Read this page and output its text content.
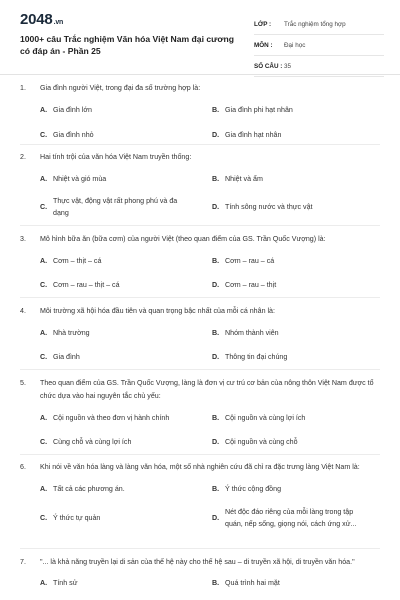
2048.vn
1000+ câu Trắc nghiệm Văn hóa Việt Nam đại cương có đáp án - Phần 25
LỚP :	Trắc nghiệm tổng hợp
MÔN :	Đại học
SỐ CÂU : 35
1. Gia đình người Việt, trong đại đa số trường hợp là:
A. Gia đình lớn	B. Gia đình phi hạt nhân
C. Gia đình nhỏ	D. Gia đình hạt nhân
2. Hai tính trội của văn hóa Việt Nam truyền thống:
A. Nhiệt và gió mùa	B. Nhiệt và ẩm
C.
Thực vật, động vật rất phong phú và đa dạng
D. Tính sông nước và thực vật
3. Mô hình bữa ăn (bữa cơm) của người Việt (theo quan điểm của GS. Trần Quốc Vượng) là:
A. Cơm – thịt – cá	B. Cơm – rau – cá
C. Cơm – rau – thịt – cá	D. Cơm – rau – thịt
4. Môi trường xã hội hóa đầu tiên và quan trọng bậc nhất của mỗi cá nhân là:
A. Nhà trường	B. Nhóm thành viên
C. Gia đình	D. Thông tin đại chúng
5. Theo quan điểm của GS. Trần Quốc Vượng, làng là đơn vị cư trú cơ bản của nông thôn Việt Nam được tổ chức dựa vào hai nguyên tắc chủ yếu:
A. Cội nguồn và theo đơn vị hành chính	B. Cội nguồn và cùng lợi ích
C. Cùng chỗ và cùng lợi ích	D. Cội nguồn và cùng chỗ
6. Khi nói về văn hóa làng và làng văn hóa, một số nhà nghiên cứu đã chỉ ra đặc trưng làng Việt Nam là:
A. Tất cả các phương án.	B. Ý thức cộng đồng
C. Ý thức tự quản	D.
Nét độc đáo riêng của mỗi làng trong tập quán, nếp sống, giọng nói, cách ứng xử...
7. "... là khả năng truyền lại di sản của thế hệ này cho thế hệ sau – di truyền xã hội, di truyền văn hóa."
A. Tính sử	B. Quá trình hai mặt
